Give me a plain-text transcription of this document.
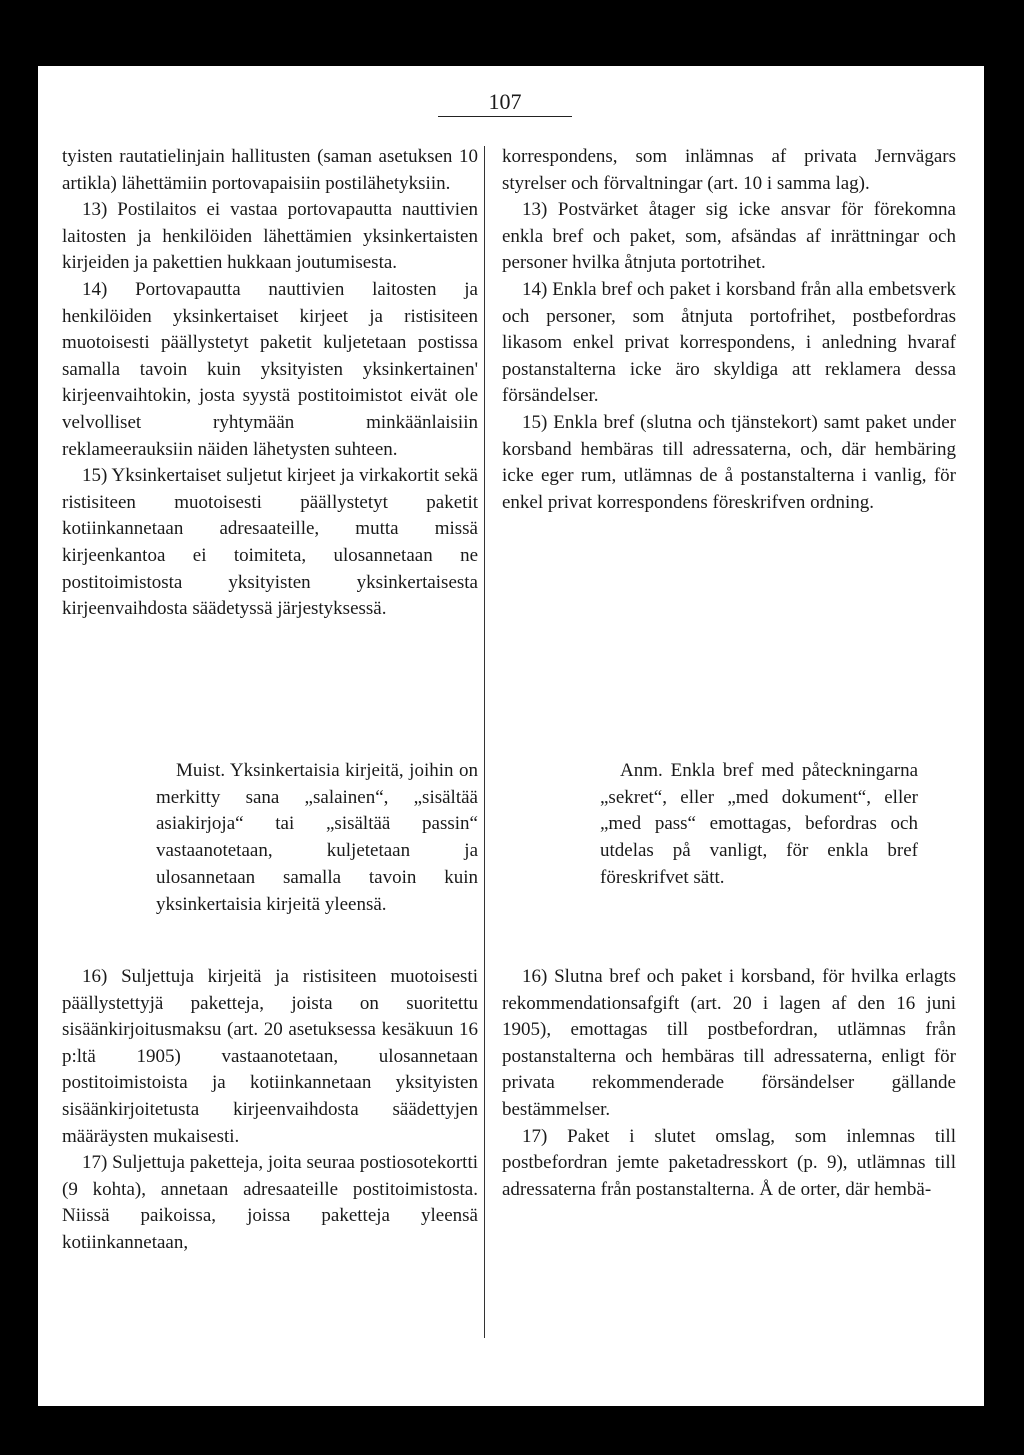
107

tyisten rautatielinjain hallitusten (saman asetuksen 10 artikla) lähettämiin portovapaisiin postilähetyksiin.

13) Postilaitos ei vastaa portovapautta nauttivien laitosten ja henkilöiden lähettämien yksinkertaisten kirjeiden ja pakettien hukkaan joutumisesta.

14) Portovapautta nauttivien laitosten ja henkilöiden yksinkertaiset kirjeet ja ristisiteen muotoisesti päällystetyt paketit kuljetetaan postissa samalla tavoin kuin yksityisten yksinkertainen' kirjeenvaihtokin, josta syystä postitoimistot eivät ole velvolliset ryhtymään minkäänlaisiin reklameerauksiin näiden lähetysten suhteen.

15) Yksinkertaiset suljetut kirjeet ja virkakortit sekä ristisiteen muotoisesti päällystetyt paketit kotiinkannetaan adresaateille, mutta missä kirjeenkantoa ei toimiteta, ulosannetaan ne postitoimistosta yksityisten yksinkertaisesta kirjeenvaihdosta säädetyssä järjestyksessä.

Muist. Yksinkertaisia kirjeitä, joihin on merkitty sana „salainen“, „sisältää asiakirjoja“ tai „sisältää passin“ vastaanotetaan, kuljetetaan ja ulosannetaan samalla tavoin kuin yksinkertaisia kirjeitä yleensä.

16) Suljettuja kirjeitä ja ristisiteen muotoisesti päällystettyjä paketteja, joista on suoritettu sisäänkirjoitusmaksu (art. 20 asetuksessa kesäkuun 16 p:ltä 1905) vastaanotetaan, ulosannetaan postitoimistoista ja kotiinkannetaan yksityisten sisäänkirjoitetusta kirjeenvaihdosta säädettyjen määräysten mukaisesti.

17) Suljettuja paketteja, joita seuraa postiosotekortti (9 kohta), annetaan adresaateille postitoimistosta. Niissä paikoissa, joissa paketteja yleensä kotiinkannetaan,

korrespondens, som inlämnas af privata Jernvägars styrelser och förvaltningar (art. 10 i samma lag).

13) Postvärket åtager sig icke ansvar för förekomna enkla bref och paket, som, afsändas af inrättningar och personer hvilka åtnjuta portotrihet.

14) Enkla bref och paket i korsband från alla embetsverk och personer, som åtnjuta portofrihet, postbefordras likasom enkel privat korrespondens, i anledning hvaraf postanstalterna icke äro skyldiga att reklamera dessa försändelser.

15) Enkla bref (slutna och tjänstekort) samt paket under korsband hembäras till adressaterna, och, där hembäring icke eger rum, utlämnas de å postanstalterna i vanlig, för enkel privat korrespondens föreskrifven ordning.

Anm. Enkla bref med påteckningarna „sekret“, eller „med dokument“, eller „med pass“ emottagas, befordras och utdelas på vanligt, för enkla bref föreskrifvet sätt.

16) Slutna bref och paket i korsband, för hvilka erlagts rekommendationsafgift (art. 20 i lagen af den 16 juni 1905), emottagas till postbefordran, utlämnas från postanstalterna och hembäras till adressaterna, enligt för privata rekommenderade försändelser gällande bestämmelser.

17) Paket i slutet omslag, som inlemnas till postbefordran jemte paketadresskort (p. 9), utlämnas till adressaterna från postanstalterna. Å de orter, där hembä-
